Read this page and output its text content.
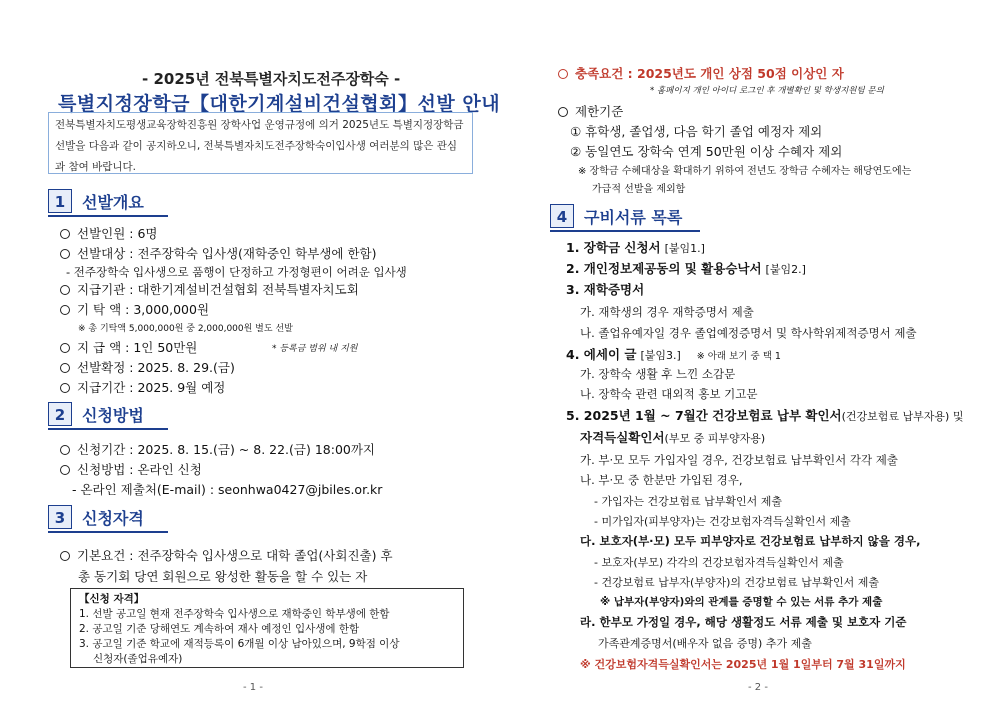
- 2025년 전북특별자치도전주장학숙 -
특별지정장학금【대한기계설비건설협회】선발 안내
전북특별자치도평생교육장학진흥원 장학사업 운영규정에 의거 2025년도 특별지정장학금 선발을 다음과 같이 공지하오니, 전북특별자치도전주장학숙이입사생 여러분의 많은 관심과 참여 바랍니다.
1	선발개요
선발인원 : 6명
선발대상 : 전주장학숙 입사생(재학중인 학부생에 한함)
- 전주장학숙 입사생으로 품행이 단정하고 가정형편이 어려운 입사생
지급기관 : 대한기계설비건설협회 전북특별자치도회
기 탁 액 : 3,000,000원
※ 총 기탁액 5,000,000원 중 2,000,000원 별도 선발
지 급 액 : 1인 50만원	* 등록금 범위 내 지원
선발확정 : 2025. 8. 29.(금)
지급기간 : 2025. 9월 예정
2	신청방법
신청기간 : 2025. 8. 15.(금) ~ 8. 22.(금) 18:00까지
신청방법 : 온라인 신청
- 온라인 제출처(E-mail) : seonhwa0427@jbiles.or.kr
3	신청자격
기본요건 : 전주장학숙 입사생으로 대학 졸업(사회진출) 후
총 동기회 당연 회원으로 왕성한 활동을 할 수 있는 자
【신청 자격】
1. 선발 공고일 현재 전주장학숙 입사생으로 재학중인 학부생에 한함
2. 공고일 기준 당해연도 계속하여 재사 예정인 입사생에 한함
3. 공고일 기준 학교에 재적등록이 6개월 이상 남아있으며, 9학점 이상
신청자(졸업유예자)
- 1 -
충족요건 : 2025년도 개인 상점 50점 이상인 자
* 홈페이지 개인 아이디 로그인 후 개별확인 및 학생지원팀 문의
제한기준
① 휴학생, 졸업생, 다음 학기 졸업 예정자 제외
② 동일연도 장학숙 연계 50만원 이상 수혜자 제외
※ 장학금 수혜대상을 확대하기 위하여 전년도 장학금 수혜자는 해당연도에는
가급적 선발을 제외함
4	구비서류 목록
1. 장학금 신청서 [붙임1.]
2. 개인정보제공동의 및 활용승낙서 [붙임2.]
3. 재학증명서
가. 재학생의 경우 재학증명서 제출
나. 졸업유예자일 경우 졸업예정증명서 및 학사학위제적증명서 제출
4. 에세이 글 [붙임3.] ※ 아래 보기 중 택 1
가. 장학숙 생활 후 느낀 소감문
나. 장학숙 관련 대외적 홍보 기고문
5. 2025년 1월 ~ 7월간 건강보험료 납부 확인서(건강보험료 납부자용) 및
자격득실확인서(부모 중 피부양자용)
가. 부·모 모두 가입자일 경우, 건강보험료 납부확인서 각각 제출
나. 부·모 중 한분만 가입된 경우,
- 가입자는 건강보험료 납부확인서 제출
- 미가입자(피부양자)는 건강보험자격득실확인서 제출
다. 보호자(부·모) 모두 피부양자로 건강보험료 납부하지 않을 경우,
- 보호자(부모) 각각의 건강보험자격득실확인서 제출
- 건강보험료 납부자(부양자)의 건강보험료 납부확인서 제출
※ 납부자(부양자)와의 관계를 증명할 수 있는 서류 추가 제출
라. 한부모 가정일 경우, 해당 생활정도 서류 제출 및 보호자 기준
가족관계증명서(배우자 없음 증명) 추가 제출
※ 건강보험자격득실확인서는 2025년 1월 1일부터 7월 31일까지
- 2 -
